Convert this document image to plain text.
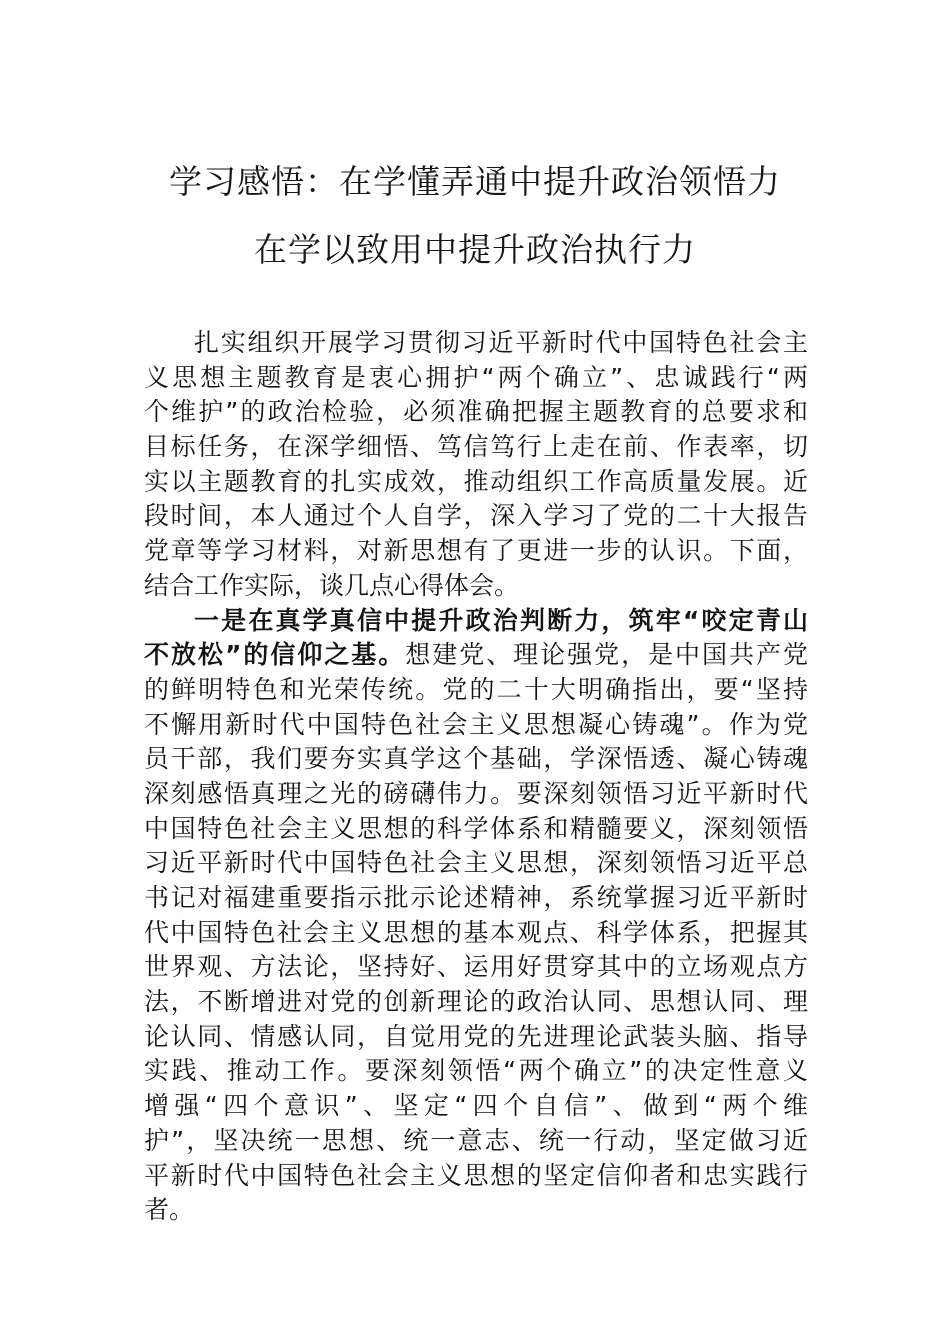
学习感悟：在学懂弄通中提升政治领悟力
在学以致用中提升政治执行力
扎实组织开展学习贯彻习近平新时代中国特色社会主
义思想主题教育是衷心拥护“两个确立”、忠诚践行“两
个维护”的政治检验，必须准确把握主题教育的总要求和
目标任务，在深学细悟、笃信笃行上走在前、作表率，切
实以主题教育的扎实成效，推动组织工作高质量发展。近
段时间，本人通过个人自学，深入学习了党的二十大报告
党章等学习材料，对新思想有了更进一步的认识。下面，
结合工作实际，谈几点心得体会。
一是在真学真信中提升政治判断力，筑牢“咬定青山
不放松”的信仰之基。想建党、理论强党，是中国共产党
的鲜明特色和光荣传统。党的二十大明确指出，要“坚持
不懈用新时代中国特色社会主义思想凝心铸魂”。作为党
员干部，我们要夯实真学这个基础，学深悟透、凝心铸魂
深刻感悟真理之光的磅礴伟力。要深刻领悟习近平新时代
中国特色社会主义思想的科学体系和精髓要义，深刻领悟
习近平新时代中国特色社会主义思想，深刻领悟习近平总
书记对福建重要指示批示论述精神，系统掌握习近平新时
代中国特色社会主义思想的基本观点、科学体系，把握其
世界观、方法论，坚持好、运用好贯穿其中的立场观点方
法，不断增进对党的创新理论的政治认同、思想认同、理
论认同、情感认同，自觉用党的先进理论武装头脑、指导
实践、推动工作。要深刻领悟“两个确立”的决定性意义
增强“四个意识”、坚定“四个自信”、做到“两个维
护”，坚决统一思想、统一意志、统一行动，坚定做习近
平新时代中国特色社会主义思想的坚定信仰者和忠实践行
者。
